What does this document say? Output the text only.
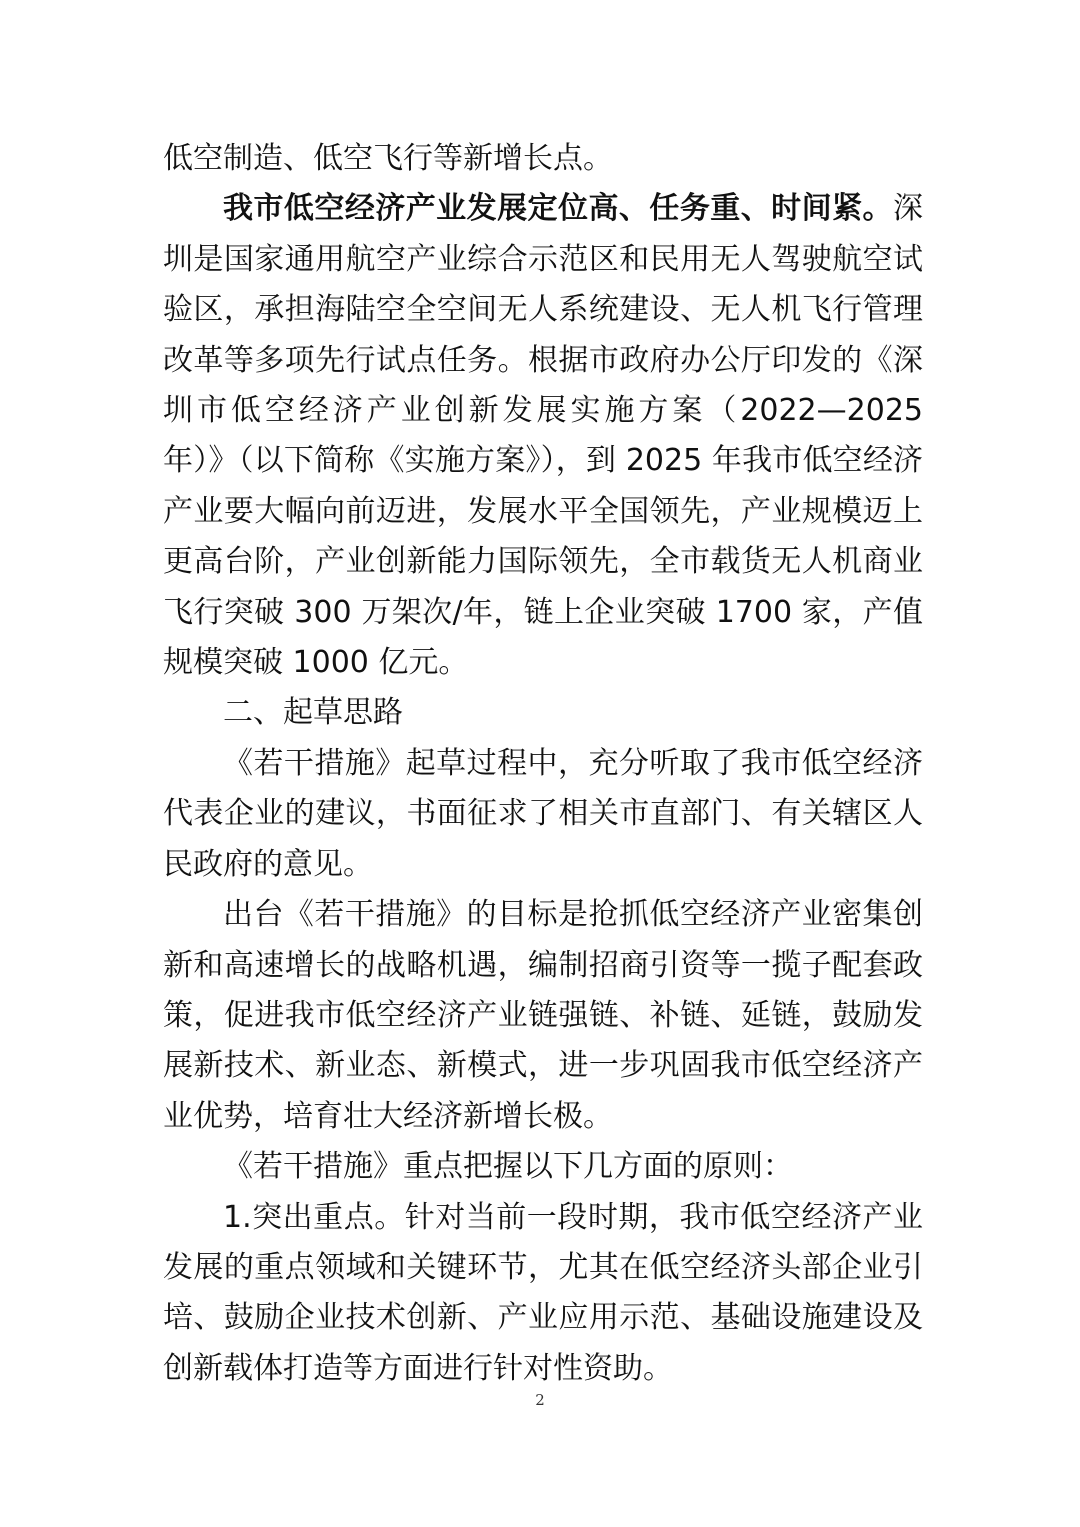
低空制造、低空飞行等新增长点。

我市低空经济产业发展定位高、任务重、时间紧。深圳是国家通用航空产业综合示范区和民用无人驾驶航空试验区，承担海陆空全空间无人系统建设、无人机飞行管理改革等多项先行试点任务。根据市政府办公厅印发的《深圳市低空经济产业创新发展实施方案（2022—2025 年）》（以下简称《实施方案》），到 2025 年我市低空经济产业要大幅向前迈进，发展水平全国领先，产业规模迈上更高台阶，产业创新能力国际领先，全市载货无人机商业飞行突破 300 万架次/年，链上企业突破 1700 家，产值规模突破 1000 亿元。

二、起草思路

《若干措施》起草过程中，充分听取了我市低空经济代表企业的建议，书面征求了相关市直部门、有关辖区人民政府的意见。

出台《若干措施》的目标是抢抓低空经济产业密集创新和高速增长的战略机遇，编制招商引资等一揽子配套政策，促进我市低空经济产业链强链、补链、延链，鼓励发展新技术、新业态、新模式，进一步巩固我市低空经济产业优势，培育壮大经济新增长极。

《若干措施》重点把握以下几方面的原则：

1.突出重点。针对当前一段时期，我市低空经济产业发展的重点领域和关键环节，尤其在低空经济头部企业引培、鼓励企业技术创新、产业应用示范、基础设施建设及创新载体打造等方面进行针对性资助。

2
